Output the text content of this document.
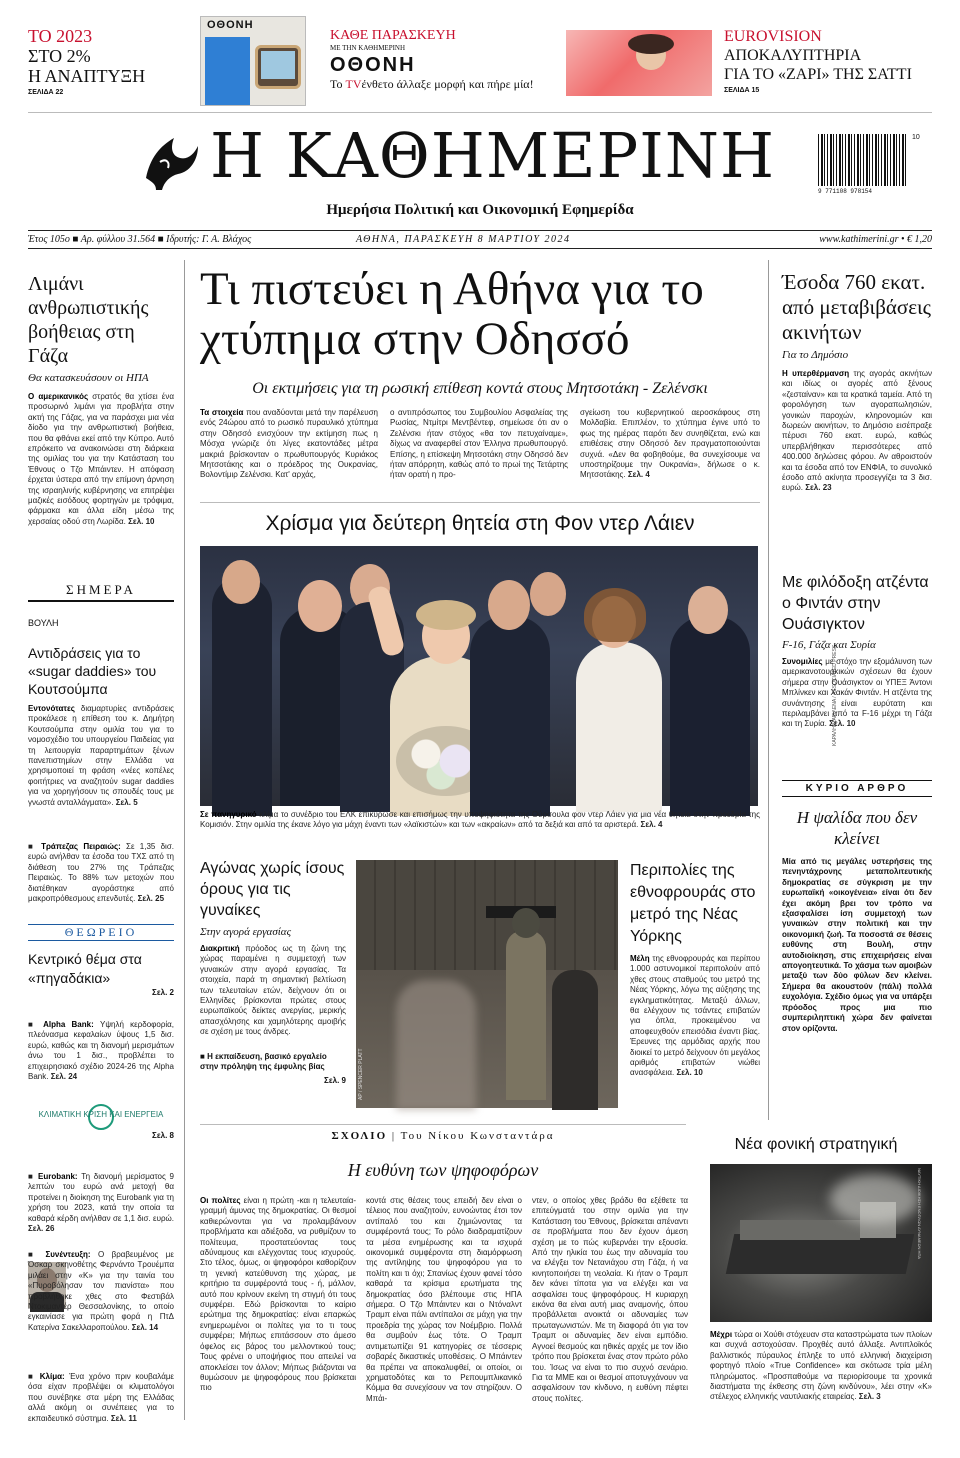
ΤΟ 2023
ΣΤΟ 2%
Η ΑΝΑΠΤΥΞΗ
ΣΕΛΙΔΑ 22
ΟΘΟΝΗ
ΚΑΘΕ ΠΑΡΑΣΚΕΥΗ
ΜΕ ΤΗΝ ΚΑΘΗΜΕΡΙΝΗ
ΟΘΟΝΗ
Το TVένθετο άλλαξε μορφή και πήρε μία!
EUROVISION
ΑΠΟΚΑΛΥΠΤΗΡΙΑ
ΓΙΑ ΤΟ «ΖΑΡΙ» ΤΗΣ ΣΑΤΤΙ
ΣΕΛΙΔΑ 15
Η ΚΑΘΗΜΕΡΙΝΗ
Ημερήσια Πολιτική και Οικονομική Εφημερίδα
9 771108 978154
10
Έτος 105ο ■ Αρ. φύλλου 31.564 ■ Ιδρυτής: Γ. Α. Βλάχος	ΑΘΗΝΑ, ΠΑΡΑΣΚΕΥΗ 8 ΜΑΡΤΙΟΥ 2024	www.kathimerini.gr • € 1,20
Λιμάνι ανθρωπιστικής βοήθειας στη Γάζα
Θα κατασκευάσουν οι ΗΠΑ
Ο αμερικανικός στρατός θα χτίσει ένα προσωρινό λιμάνι για προβλήτα στην ακτή της Γάζας, για να παράσχει μια νέα δίοδο για την ανθρωπιστική βοήθεια, που θα φθάνει εκεί από την Κύπρο. Αυτό επρόκειτο να ανακοινώσει στη διάρκεια της ομιλίας του για την Κατάσταση του Έθνους ο Τζο Μπάιντεν. Η απόφαση έρχεται ύστερα από την επίμονη άρνηση της ισραηλινής κυβέρνησης να επιτρέψει μαζικές εισόδους φορτηγών με τρόφιμα, φάρμακα και άλλα είδη μέσω της χερσαίας οδού στη Λωρίδα. Σελ. 10
ΣΗΜΕΡΑ
ΒΟΥΛΗ
Αντιδράσεις για το «sugar daddies» του Κουτσούμπα
Εντονότατες διαμαρτυρίες αντιδράσεις προκάλεσε η επίθεση του κ. Δημήτρη Κουτσούμπα στην ομιλία του για το νομοσχέδιο του υπουργείου Παιδείας για τη λειτουργία παραρτημάτων ξένων πανεπιστημίων στην Ελλάδα να χρησιμοποιεί τη φράση «νέες κοπέλες φοιτήτριες να αναζητούν sugar daddies για να χορηγήσουν τις σπουδές τους με γνωστά ανταλλάγματα». Σελ. 5
■ Τράπεζας Πειραιώς: Σε 1,35 δισ. ευρώ ανήλθαν τα έσοδα του ΤΧΣ από τη διάθεση του 27% της Τράπεζας Πειραιώς. Το 88% των μετοχών που διατέθηκαν αγοράστηκε από μακροπρόθεσμους επενδυτές. Σελ. 25
ΘΕΩΡΕΙΟ
Κεντρικό θέμα στα «πηγαδάκια»
Σελ. 2
■ Alpha Bank: Υψηλή κερδοφορία, πλεόνασμα κεφαλαίων ύψους 1,5 δισ. ευρώ, καθώς και τη διανομή μερισμάτων άνω του 1 δισ., προβλέπει το επιχειρησιακό σχέδιο 2024-26 της Alpha Bank. Σελ. 24
ΚΛΙΜΑΤΙΚΗ ΚΡΙΣΗ ΚΑΙ ΕΝΕΡΓΕΙΑ
Σελ. 8
■ Eurobank: Τη διανομή μερίσματος 9 λεπτών του ευρώ ανά μετοχή θα προτείνει η διοίκηση της Eurobank για τη χρήση του 2023, κατά την οποία τα καθαρά κέρδη ανήλθαν σε 1,1 δισ. ευρώ. Σελ. 26
■ Συνέντευξη: Ο βραβευμένος με Όσκαρ σκηνοθέτης Φερνάντο Τρουέμπα μιλάει στην «Κ» για την ταινία του «Πυροβόλησαν τον πιανίστα» που προβλήθηκε χθες στο Φεστιβάλ Ντοκιμαντέρ Θεσσαλονίκης, το οποίο εγκαινίασε για πρώτη φορά η ΠτΔ Κατερίνα Σακελλαροπούλου. Σελ. 14
■ Κλίμα: Ένα χρόνο πριν κουβαλάμε όσα είχαν προβλέψει οι κλιματολόγοι που συνέβηκε στα μέρη της Ελλάδας αλλά ακόμη οι συνέπειες για το εκπαιδευτικό σύστημα. Σελ. 11
Τι πιστεύει η Αθήνα για το χτύπημα στην Οδησσό
Οι εκτιμήσεις για τη ρωσική επίθεση κοντά στους Μητσοτάκη - Ζελένσκι
Τα στοιχεία που αναδύονται μετά την παρέλευση ενός 24ώρου από το ρωσικό πυραυλικό χτύπημα στην Οδησσό ενισχύουν την εκτίμηση πως η Μόσχα γνώριζε ότι λίγες εκατοντάδες μέτρα μακριά βρίσκονταν ο πρωθυπουργός Κυριάκος Μητσοτάκης και ο πρόεδρος της Ουκρανίας, Βολοντίμιρ Ζελένσκι. Κατ' αρχάς,
ο αντιπρόσωπος του Συμβουλίου Ασφαλείας της Ρωσίας, Ντμίτρι Μεντβέντεφ, σημείωσε ότι αν ο Ζελένσκι ήταν στόχος «θα τον πετυχαίναμε», δίχως να αναφερθεί στον Έλληνα πρωθυπουργό. Επίσης, η επίσκεψη Μητσοτάκη στην Οδησσό δεν ήταν απόρρητη, καθώς από το πρωί της Τετάρτης ήταν ορατή η προ-
σγείωση του κυβερνητικού αεροσκάφους στη Μολδαβία. Επιπλέον, το χτύπημα έγινε υπό το φως της ημέρας παρότι δεν συνηθίζεται, ενώ και επιθέσεις στην Οδησσό δεν πραγματοποιούνται συχνά. «Δεν θα φοβηθούμε, θα συνεχίσουμε να υποστηρίζουμε την Ουκρανία», δήλωσε ο κ. Μητσοτάκης. Σελ. 4
Χρίσμα για δεύτερη θητεία στη Φον ντερ Λάιεν
ΚΑΡΑΛΗ ΜΑΡΙΛΕΝΑ / ASSOCIATED PRESS
Σε πανηγυρικό κλίμα το συνέδριο του ΕΛΚ επικύρωσε και επισήμως την υποψηφιότητα της Ούρσουλα φον ντερ Λάιεν για μια νέα θητεία στην προεδρία της Κομισιόν. Στην ομιλία της έκανε λόγο για μάχη έναντι των «λαϊκιστών» και των «ακραίων» από τα δεξιά και από τα αριστερά. Σελ. 4
Αγώνας χωρίς ίσους όρους για τις γυναίκες
Στην αγορά εργασίας
Διακριτική πρόοδος ως τη ζώνη της χώρας παραμένει η συμμετοχή των γυναικών στην αγορά εργασίας. Τα στοιχεία, παρά τη σημαντική βελτίωση των τελευταίων ετών, δείχνουν ότι οι Ελληνίδες βρίσκονται πρώτες στους ευρωπαϊκούς δείκτες ανεργίας, μερικής απασχόλησης και χαμηλότερης αμοιβής σε σχέση με τους άνδρες.
■ Η εκπαίδευση, βασικό εργαλείο στην πρόληψη της έμφυλης βίας
Σελ. 9 AP / SPENCER PLATT
Περιπολίες της εθνοφρουράς στο μετρό της Νέας Υόρκης
Μέλη της εθνοφρουράς και περίπου 1.000 αστυνομικοί περιπολούν από χθες στους σταθμούς του μετρό της Νέας Υόρκης, λόγω της αύξησης της εγκληματικότητας. Μεταξύ άλλων, θα ελέγχουν τις τσάντες επιβατών για όπλα, προκειμένου να αποφευχθούν επεισόδια έναντι βίας. Έρευνες της αρμόδιας αρχής που διοικεί το μετρό δείχνουν ότι μεγάλος αριθμός επιβατών νιώθει ανασφάλεια. Σελ. 10
Έσοδα 760 εκατ. από μεταβιβάσεις ακινήτων
Για το Δημόσιο
Η υπερθέρμανση της αγοράς ακινήτων και ιδίως οι αγορές από ξένους «ζεσταίναν» και τα κρατικά ταμεία. Από τη φορολόγηση των αγοραπωλησιών, γονικών παροχών, κληρονομιών και δωρεών ακινήτων, το Δημόσιο εισέπραξε πέρυσι 760 εκατ. ευρώ, καθώς υπερβλήθηκαν περισσότερες από 400.000 δηλώσεις φόρου. Αν αθροιστούν και τα έσοδα από τον ΕΝΦΙΑ, το συνολικό έσοδο από ακίνητα προσεγγίζει τα 3 δισ. ευρώ. Σελ. 23
Με φιλόδοξη ατζέντα ο Φιντάν στην Ουάσιγκτον
F-16, Γάζα και Συρία
Συνομιλίες με στόχο την εξομάλυνση των αμερικανοτουρκικών σχέσεων θα έχουν σήμερα στην Ουάσιγκτον οι ΥΠΕΞ Άντονι Μπλίνκεν και Χακάν Φιντάν. Η ατζέντα της συνάντησης είναι ευρύτατη και περιλαμβάνει από τα F-16 μέχρι τη Γάζα και τη Συρία. Σελ. 10
ΚΥΡΙΟ ΑΡΘΡΟ
Η ψαλίδα που δεν κλείνει
Μία από τις μεγάλες υστερήσεις της πενηντάχρονης μεταπολιτευτικής δημοκρατίας σε σύγκριση με την ευρωπαϊκή «οικογένεια» είναι ότι δεν έχει ακόμη βρει τον τρόπο να εξασφαλίσει ίση συμμετοχή των γυναικών στην πολιτική και την οικονομική ζωή. Τα ποσοστά σε θέσεις ευθύνης στη Βουλή, στην αυτοδιοίκηση, στις επιχειρήσεις είναι απογοητευτικά. Το χάσμα των αμοιβών μεταξύ των δύο φύλων δεν κλείνει. Σήμερα θα ακουστούν (πάλι) πολλά ευχολόγια. Σχέδιο όμως για να υπάρξει πρόοδος προς μια πιο συμπεριληπτική χώρα δεν φαίνεται στον ορίζοντα.
ΣΧΟΛΙΟ | Του Νίκου Κωνσταντάρα
Η ευθύνη των ψηφοφόρων
Οι πολίτες είναι η πρώτη -και η τελευταία- γραμμή άμυνας της δημοκρατίας. Οι θεσμοί καθιερώνονται για να προλαμβάνουν προβλήματα και αδιέξοδα, να ρυθμίζουν το πολίτευμα, προστατεύοντας τους αδύναμους και ελέγχοντας τους ισχυρούς. Στο τέλος, όμως, οι ψηφοφόροι καθορίζουν τη γενική κατεύθυνση της χώρας, με κριτήριο τα συμφέροντά τους - ή, μάλλον, αυτό που κρίνουν εκείνη τη στιγμή ότι τους συμφέρει. Εδώ βρίσκονται το καίριο ερώτημα της δημοκρατίας: είναι επαρκώς ενημερωμένοι οι πολίτες για το τι τους συμφέρει; Μήπως επιτάσσουν στο άμεσο όφελος εις βάρος του μελλοντικού τους; Τους φρένει ο υποψήφιος που απειλεί να αποκλείσει τον άλλον; Μήπως βιάζονται να θυμώσουν με ψηφοφόρους που βρίσκεται πιο
κοντά στις θέσεις τους επειδή δεν είναι ο τέλειος που αναζητούν, ευνοώντας έτσι τον αντίπαλό του και ζημιώνοντας τα συμφέροντά τους; Το ρόλο διαδραματίζουν τα μέσα ενημέρωσης και τα ισχυρά οικονομικά συμφέροντα στη διαμόρφωση της αντίληψης του ψηφοφόρου για το πολίτη και τι όχι; Σπανίως έχουν φανεί τόσο καθαρά τα κρίσιμα ερωτήματα της δημοκρατίας όσο βλέπουμε στις ΗΠΑ σήμερα. Ο Τζο Μπάιντεν και ο Ντόναλντ Τραμπ είναι πάλι αντίπαλοι σε μάχη για την προεδρία της χώρας τον Νοέμβριο. Πολλά θα συμβούν έως τότε. Ο Τραμπ αντιμετωπίζει 91 κατηγορίες σε τέσσερις σοβαρές δικαστικές υποθέσεις. Ο Μπάιντεν θα πρέπει να αποκαλυφθεί, οι οποίοι, οι χρηματοδότες και το Ρεπουμπλικανικό Κόμμα θα συνεχίσουν να τον στηρίζουν. Ο Μπάι-
ντεν, ο οποίος χθες βράδυ θα εξέθετε τα επιτεύγματά του στην ομιλία για την Κατάσταση του Έθνους, βρίσκεται απέναντι σε προβλήματα που δεν έχουν άμεση σχέση με το πώς κυβερνάει την εξουσία. Από την ηλικία του έως την αδυναμία του να ελέγξει τον Νετανιάχου στη Γάζα, ή να κινητοποιήσει τη νεολαία. Κι ήταν ο Τραμπ δεν κάνει τίποτα για να ελέγξει και να ασφαλίσει τους ψηφοφόρους. Η κυριαρχη εικόνα θα είναι αυτή μιας αναμονής, όπου προβάλλεται ανοικτά οι αδυναμίες των πρωταγωνιστών. Με τη διαφορά ότι για τον Τραμπ οι αδυναμίες δεν είναι εμπόδιο. Αγνοεί θεσμούς και ηθικές αρχές με τον ίδιο τρόπο που βρίσκεται ένας στον πρώτο ρόλο του. Ίσως να είναι το πιο συχνό σενάριο. Για τα ΜΜΕ και οι θεσμοί αποτυγχάνουν να ασφαλίσουν τον κίνδυνο, η ευθύνη πέφτει στους πολίτες.
Νέα φονική στρατηγική
ΝΑΥΤΙΚΗ ΔΙΟΙΚΗΣΗ ΕΝΟΠΛΩΝ ΔΥΝΑΜΕΩΝ ΗΠΑ
Μέχρι τώρα οι Χούθι στόχευαν στα καταστρώματα των πλοίων και συχνά αστοχούσαν. Προχθές αυτό άλλαξε. Αντιπλοϊκός βαλλιστικός πύραυλος έπληξε το υπό ελληνική διαχείριση φορτηγό πλοίο «True Confidence» και σκότωσε τρία μέλη πληρώματος. «Προσπαθούμε να περιορίσουμε τα χρονικά διαστήματα της έκθεσης στη ζώνη κινδύνου», λέει στην «Κ» στέλεχος ελληνικής ναυτιλιακής εταιρείας. Σελ. 3
